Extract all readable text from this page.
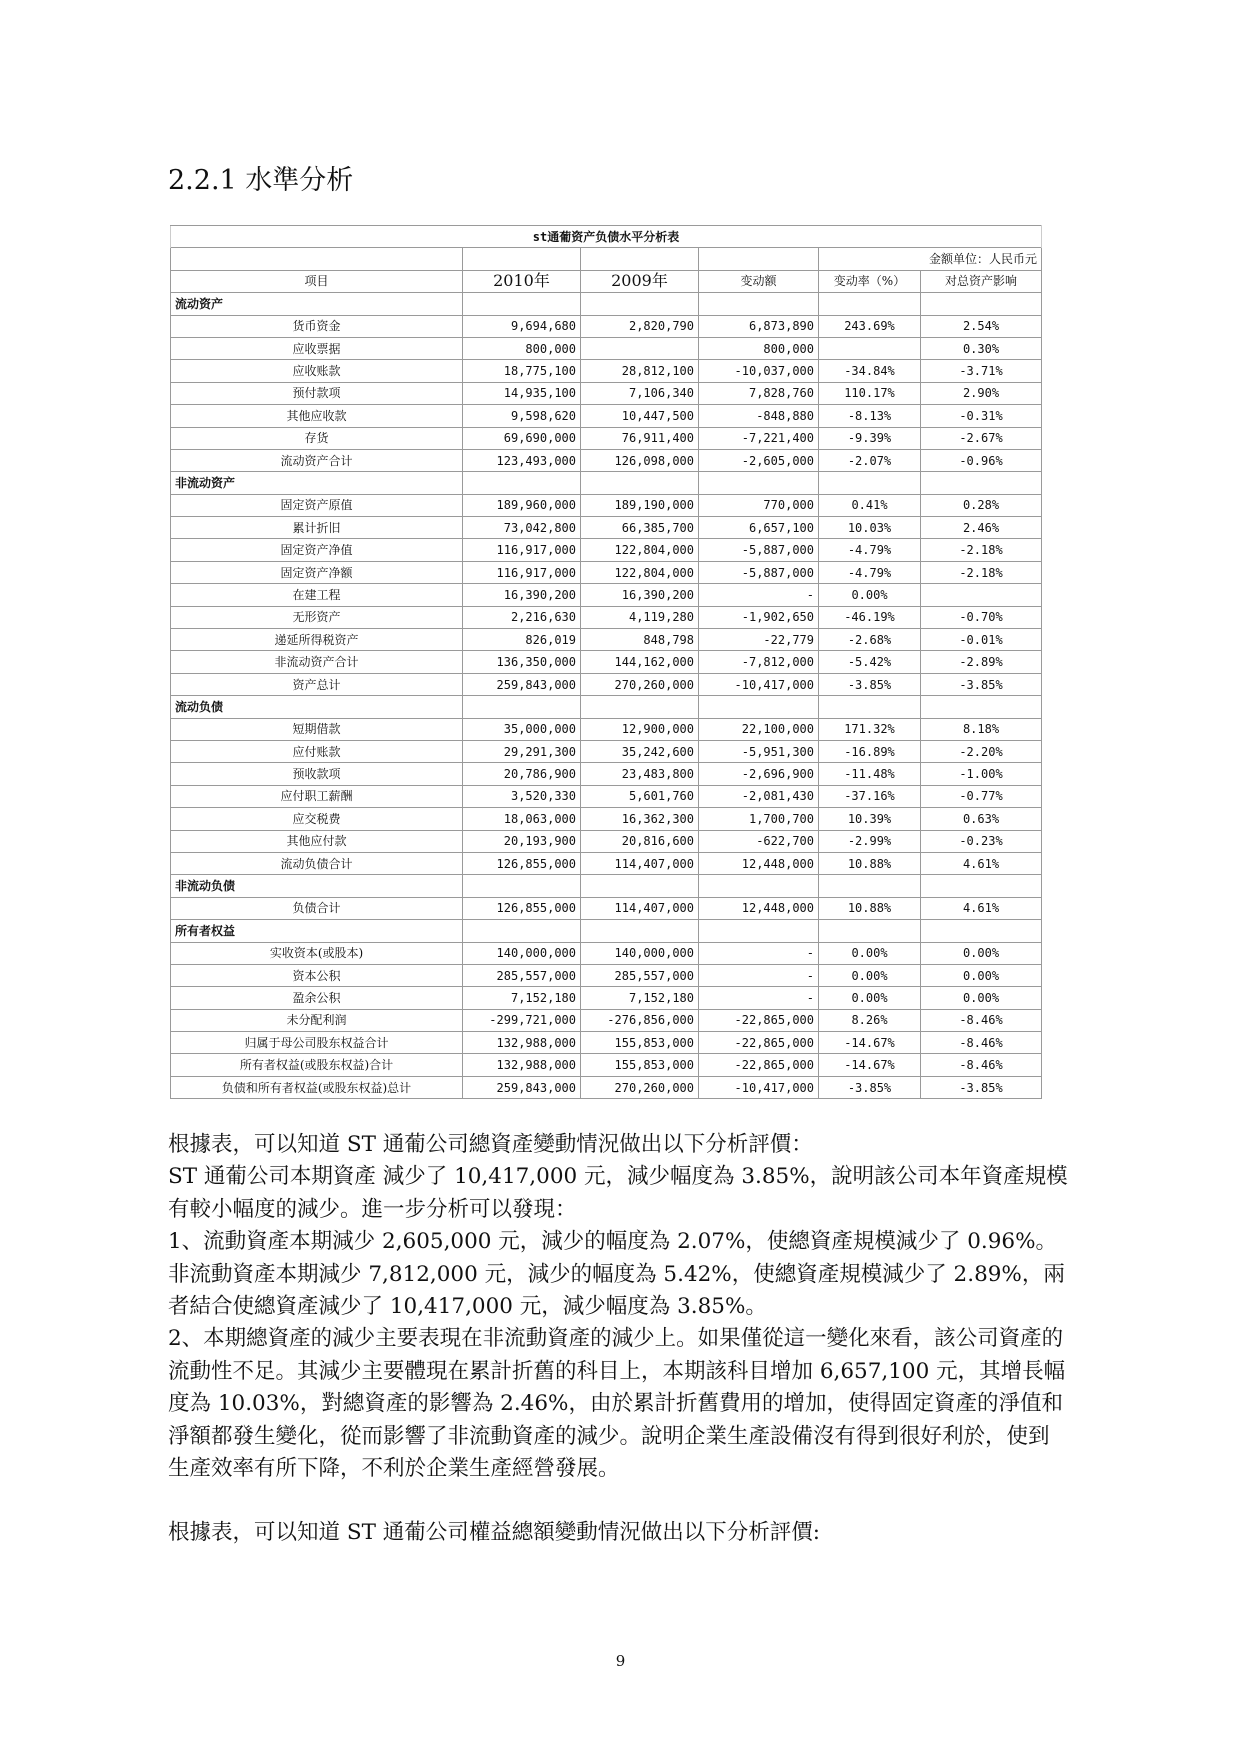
2.2.1 水準分析
st通葡资产负债水平分析表					
				金额单位：人民币元	
项目	2010年	2009年	变动额	变动率（%）	对总资产影响
流动资产					
货币资金	9,694,680	2,820,790	6,873,890	243.69%	2.54%
应收票据	800,000		800,000		0.30%
应收账款	18,775,100	28,812,100	-10,037,000	-34.84%	-3.71%
预付款项	14,935,100	7,106,340	7,828,760	110.17%	2.90%
其他应收款	9,598,620	10,447,500	-848,880	-8.13%	-0.31%
存货	69,690,000	76,911,400	-7,221,400	-9.39%	-2.67%
流动资产合计	123,493,000	126,098,000	-2,605,000	-2.07%	-0.96%
非流动资产					
固定资产原值	189,960,000	189,190,000	770,000	0.41%	0.28%
累计折旧	73,042,800	66,385,700	6,657,100	10.03%	2.46%
固定资产净值	116,917,000	122,804,000	-5,887,000	-4.79%	-2.18%
固定资产净额	116,917,000	122,804,000	-5,887,000	-4.79%	-2.18%
在建工程	16,390,200	16,390,200	-	0.00%	
无形资产	2,216,630	4,119,280	-1,902,650	-46.19%	-0.70%
递延所得税资产	826,019	848,798	-22,779	-2.68%	-0.01%
非流动资产合计	136,350,000	144,162,000	-7,812,000	-5.42%	-2.89%
资产总计	259,843,000	270,260,000	-10,417,000	-3.85%	-3.85%
流动负债					
短期借款	35,000,000	12,900,000	22,100,000	171.32%	8.18%
应付账款	29,291,300	35,242,600	-5,951,300	-16.89%	-2.20%
预收款项	20,786,900	23,483,800	-2,696,900	-11.48%	-1.00%
应付职工薪酬	3,520,330	5,601,760	-2,081,430	-37.16%	-0.77%
应交税费	18,063,000	16,362,300	1,700,700	10.39%	0.63%
其他应付款	20,193,900	20,816,600	-622,700	-2.99%	-0.23%
流动负债合计	126,855,000	114,407,000	12,448,000	10.88%	4.61%
非流动负债					
负债合计	126,855,000	114,407,000	12,448,000	10.88%	4.61%
所有者权益					
实收资本(或股本)	140,000,000	140,000,000	-	0.00%	0.00%
资本公积	285,557,000	285,557,000	-	0.00%	0.00%
盈余公积	7,152,180	7,152,180	-	0.00%	0.00%
未分配利润	-299,721,000	-276,856,000	-22,865,000	8.26%	-8.46%
归属于母公司股东权益合计	132,988,000	155,853,000	-22,865,000	-14.67%	-8.46%
所有者权益(或股东权益)合计	132,988,000	155,853,000	-22,865,000	-14.67%	-8.46%
负债和所有者权益(或股东权益)总计	259,843,000	270,260,000	-10,417,000	-3.85%	-3.85%

根據表，可以知道 ST 通葡公司總資產變動情況做出以下分析評價：

ST 通葡公司本期資產 減少了 10,417,000 元，減少幅度為 3.85%，說明該公司本年資產規模有較小幅度的減少。進一步分析可以發現：

1、流動資產本期減少 2,605,000 元，減少的幅度為 2.07%，使總資產規模減少了 0.96%。非流動資產本期減少 7,812,000 元，減少的幅度為 5.42%，使總資產規模減少了 2.89%，兩者結合使總資產減少了 10,417,000 元，減少幅度為 3.85%。

2、本期總資產的減少主要表現在非流動資產的減少上。如果僅從這一變化來看，該公司資產的流動性不足。其減少主要體現在累計折舊的科目上，本期該科目增加 6,657,100 元，其增長幅度為 10.03%，對總資產的影響為 2.46%，由於累計折舊費用的增加，使得固定資產的淨值和淨額都發生變化，從而影響了非流動資產的減少。說明企業生產設備沒有得到很好利於，使到生產效率有所下降，不利於企業生產經營發展。

根據表，可以知道 ST 通葡公司權益總額變動情況做出以下分析評價:

9
